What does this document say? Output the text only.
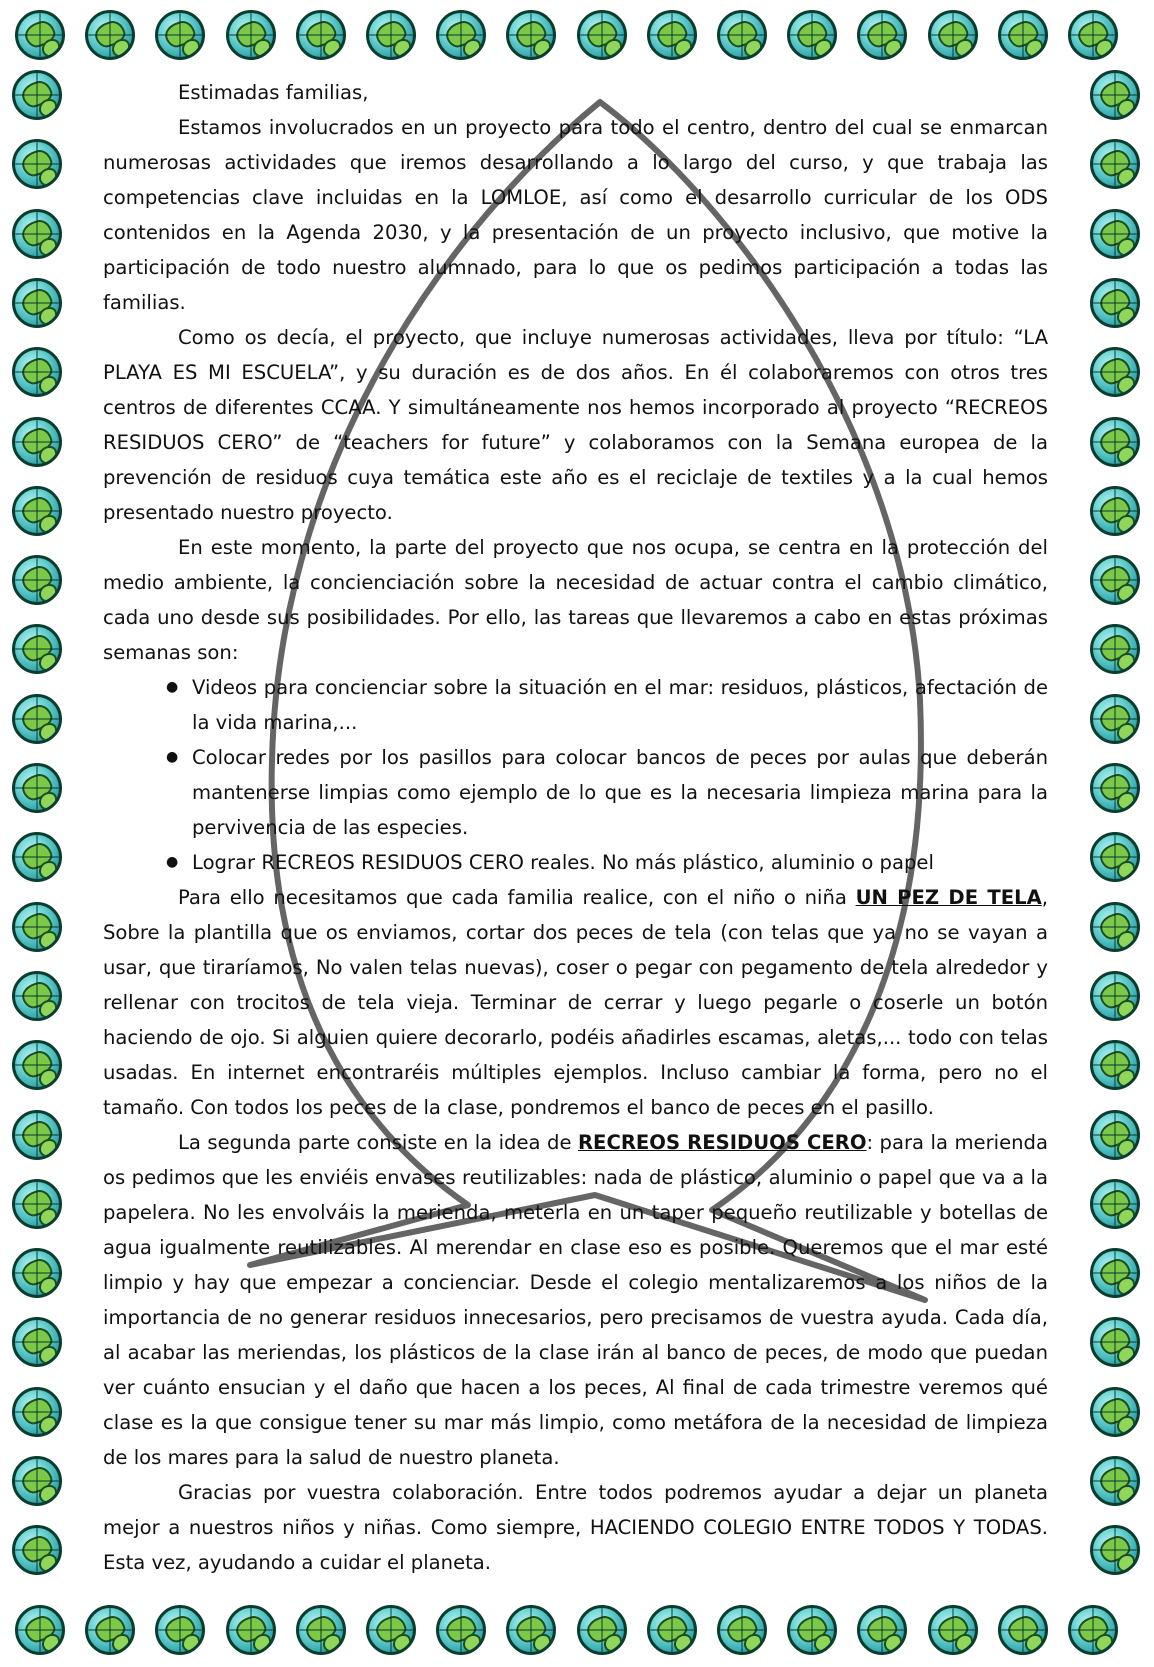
Estimadas familias,

Estamos involucrados en un proyecto para todo el centro, dentro del cual se enmarcan numerosas actividades que iremos desarrollando a lo largo del curso, y que trabaja las competencias clave incluidas en la LOMLOE, así como el desarrollo curricular de los ODS contenidos en la Agenda 2030, y la presentación de un proyecto inclusivo, que motive la participación de todo nuestro alumnado, para lo que os pedimos participación a todas las familias.

Como os decía, el proyecto, que incluye numerosas actividades, lleva por título: “LA PLAYA ES MI ESCUELA”, y su duración es de dos años. En él colaboraremos con otros tres centros de diferentes CCAA. Y simultáneamente nos hemos incorporado al proyecto “RECREOS RESIDUOS CERO” de “teachers for future” y colaboramos con la Semana europea de la prevención de residuos cuya temática este año es el reciclaje de textiles y a la cual hemos presentado nuestro proyecto.

En este momento, la parte del proyecto que nos ocupa, se centra en la protección del medio ambiente, la concienciación sobre la necesidad de actuar contra el cambio climático, cada uno desde sus posibilidades. Por ello, las tareas que llevaremos a cabo en estas próximas semanas son:

● Videos para concienciar sobre la situación en el mar: residuos, plásticos, afectación de la vida marina,...
● Colocar redes por los pasillos para colocar bancos de peces por aulas que deberán mantenerse limpias como ejemplo de lo que es la necesaria limpieza marina para la pervivencia de las especies.
● Lograr RECREOS RESIDUOS CERO reales. No más plástico, aluminio o papel

Para ello necesitamos que cada familia realice, con el niño o niña UN PEZ DE TELA, Sobre la plantilla que os enviamos, cortar dos peces de tela (con telas que ya no se vayan a usar, que tiraríamos, No valen telas nuevas), coser o pegar con pegamento de tela alrededor y rellenar con trocitos de tela vieja. Terminar de cerrar y luego pegarle o coserle un botón haciendo de ojo. Si alguien quiere decorarlo, podéis añadirles escamas, aletas,... todo con telas usadas. En internet encontraréis múltiples ejemplos. Incluso cambiar la forma, pero no el tamaño. Con todos los peces de la clase, pondremos el banco de peces en el pasillo.

La segunda parte consiste en la idea de RECREOS RESIDUOS CERO: para la merienda os pedimos que les enviéis envases reutilizables: nada de plástico, aluminio o papel que va a la papelera. No les envolváis la merienda, meterla en un taper pequeño reutilizable y botellas de agua igualmente reutilizables. Al merendar en clase eso es posible. Queremos que el mar esté limpio y hay que empezar a concienciar. Desde el colegio mentalizaremos a los niños de la importancia de no generar residuos innecesarios, pero precisamos de vuestra ayuda. Cada día, al acabar las meriendas, los plásticos de la clase irán al banco de peces, de modo que puedan ver cuánto ensucian y el daño que hacen a los peces, Al final de cada trimestre veremos qué clase es la que consigue tener su mar más limpio, como metáfora de la necesidad de limpieza de los mares para la salud de nuestro planeta.

Gracias por vuestra colaboración. Entre todos podremos ayudar a dejar un planeta mejor a nuestros niños y niñas. Como siempre, HACIENDO COLEGIO ENTRE TODOS Y TODAS. Esta vez, ayudando a cuidar el planeta.
